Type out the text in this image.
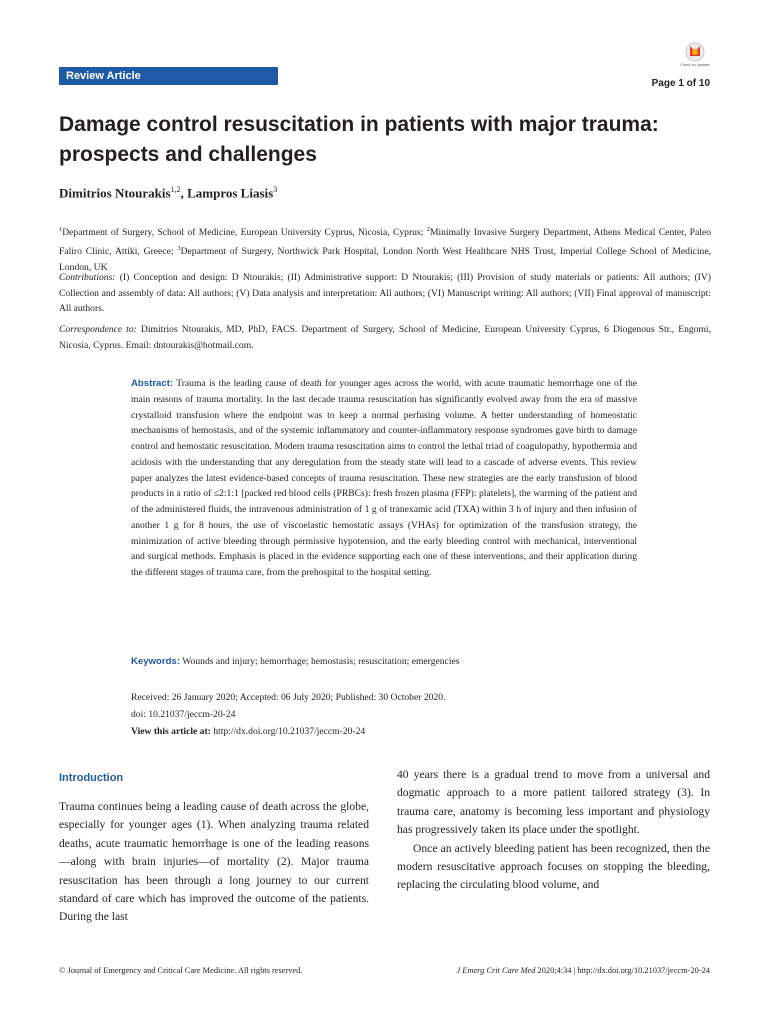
Review Article
Check for updates
Page 1 of 10
Damage control resuscitation in patients with major trauma: prospects and challenges
Dimitrios Ntourakis$^{1,2}$, Lampros Liasis$^3$

$^1$Department of Surgery, School of Medicine, European University Cyprus, Nicosia, Cyprus; $^2$Minimally Invasive Surgery Department, Athens Medical Center, Paleo Faliro Clinic, Attiki, Greece; $^3$Department of Surgery, Northwick Park Hospital, London North West Healthcare NHS Trust, Imperial College School of Medicine, London, UK

Contributions: (I) Conception and design: D Ntourakis; (II) Administrative support: D Ntourakis; (III) Provision of study materials or patients: All authors; (IV) Collection and assembly of data: All authors; (V) Data analysis and interpretation: All authors; (VI) Manuscript writing: All authors; (VII) Final approval of manuscript: All authors.

Correspondence to: Dimitrios Ntourakis, MD, PhD, FACS. Department of Surgery, School of Medicine, European University Cyprus, 6 Diogenous Str., Engomi, Nicosia, Cyprus. Email: dntourakis@hotmail.com.

Abstract: Trauma is the leading cause of death for younger ages across the world, with acute traumatic hemorrhage one of the main reasons of trauma mortality. In the last decade trauma resuscitation has significantly evolved away from the era of massive crystalloid transfusion where the endpoint was to keep a normal perfusing volume. A better understanding of homeostatic mechanisms of hemostasis, and of the systemic inflammatory and counter-inflammatory response syndromes gave birth to damage control and hemostatic resuscitation. Modern trauma resuscitation aims to control the lethal triad of coagulopathy, hypothermia and acidosis with the understanding that any deregulation from the steady state will lead to a cascade of adverse events. This review paper analyzes the latest evidence-based concepts of trauma resuscitation. These new strategies are the early transfusion of blood products in a ratio of ≤2:1:1 [packed red blood cells (PRBCs): fresh frozen plasma (FFP): platelets], the warming of the patient and of the administered fluids, the intravenous administration of 1 g of tranexamic acid (TXA) within 3 h of injury and then infusion of another 1 g for 8 hours, the use of viscoelastic hemostatic assays (VHAs) for optimization of the transfusion strategy, the minimization of active bleeding through permissive hypotension, and the early bleeding control with mechanical, interventional and surgical methods. Emphasis is placed in the evidence supporting each one of these interventions, and their application during the different stages of trauma care, from the prehospital to the hospital setting.

Keywords: Wounds and injury; hemorrhage; hemostasis; resuscitation; emergencies

Received: 26 January 2020; Accepted: 06 July 2020; Published: 30 October 2020.

doi: 10.21037/jeccm-20-24

View this article at: http://dx.doi.org/10.21037/jeccm-20-24

Introduction

Trauma continues being a leading cause of death across the globe, especially for younger ages (1). When analyzing trauma related deaths, acute traumatic hemorrhage is one of the leading reasons—along with brain injuries—of mortality (2). Major trauma resuscitation has been through a long journey to our current standard of care which has improved the outcome of the patients. During the last

40 years there is a gradual trend to move from a universal and dogmatic approach to a more patient tailored strategy (3). In trauma care, anatomy is becoming less important and physiology has progressively taken its place under the spotlight.

Once an actively bleeding patient has been recognized, then the modern resuscitative approach focuses on stopping the bleeding, replacing the circulating blood volume, and

© Journal of Emergency and Critical Care Medicine. All rights reserved.	J Emerg Crit Care Med 2020;4:34 | http://dx.doi.org/10.21037/jeccm-20-24
